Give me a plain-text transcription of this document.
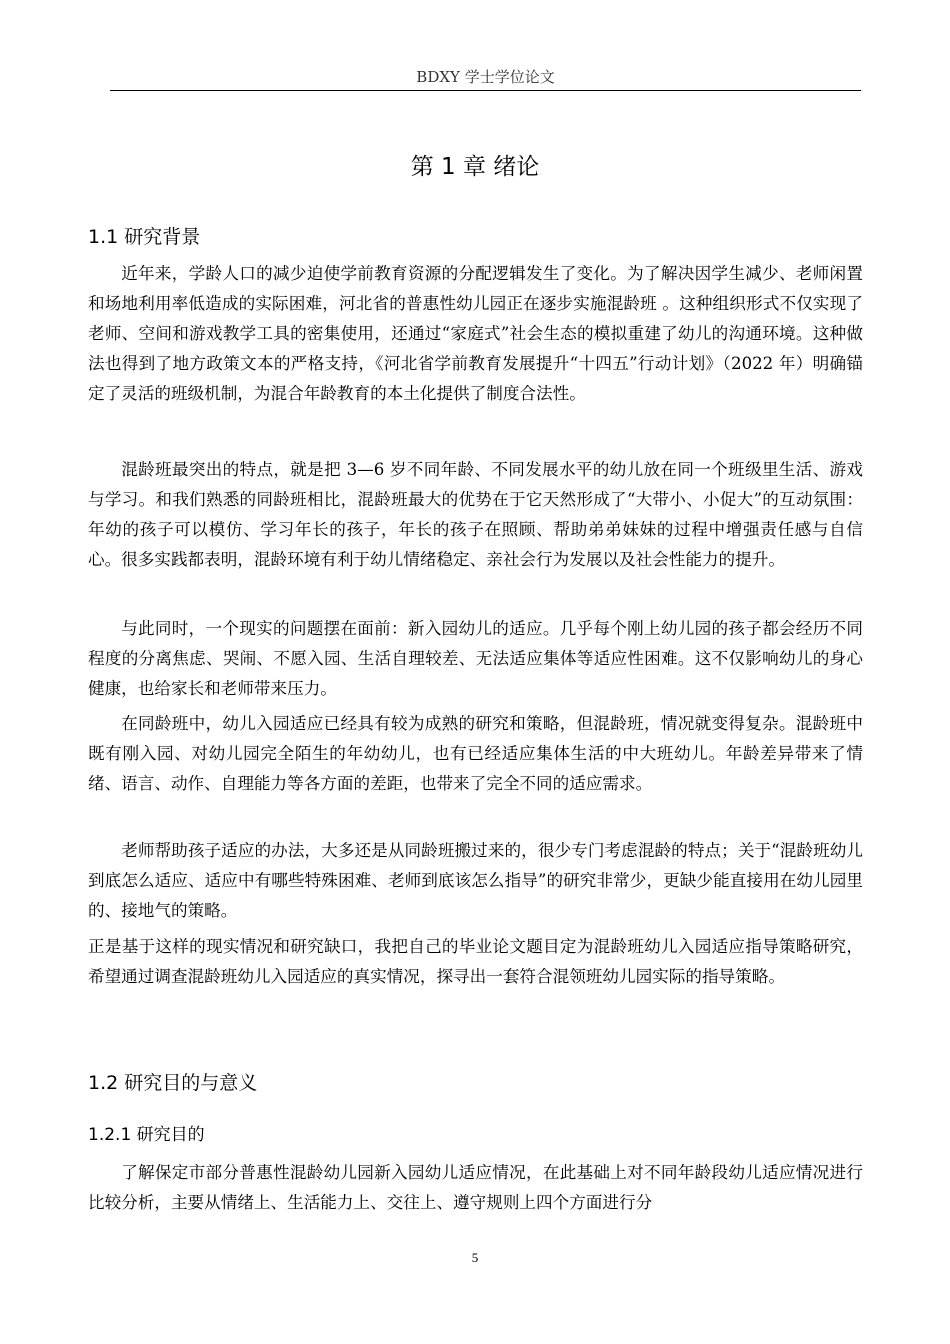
BDXY 学士学位论文
第 1 章 绪论
1.1 研究背景

近年来，学龄人口的减少迫使学前教育资源的分配逻辑发生了变化。为了解决因学生减少、老师闲置和场地利用率低造成的实际困难，河北省的普惠性幼儿园正在逐步实施混龄班 。这种组织形式不仅实现了老师、空间和游戏教学工具的密集使用，还通过“家庭式”社会生态的模拟重建了幼儿的沟通环境。这种做法也得到了地方政策文本的严格支持，《河北省学前教育发展提升“十四五”行动计划》（2022 年）明确锚定了灵活的班级机制，为混合年龄教育的本土化提供了制度合法性。

混龄班最突出的特点，就是把 3—6 岁不同年龄、不同发展水平的幼儿放在同一个班级里生活、游戏与学习。和我们熟悉的同龄班相比，混龄班最大的优势在于它天然形成了“大带小、小促大”的互动氛围：年幼的孩子可以模仿、学习年长的孩子，年长的孩子在照顾、帮助弟弟妹妹的过程中增强责任感与自信心。很多实践都表明，混龄环境有利于幼儿情绪稳定、亲社会行为发展以及社会性能力的提升。

与此同时，一个现实的问题摆在面前：新入园幼儿的适应。几乎每个刚上幼儿园的孩子都会经历不同程度的分离焦虑、哭闹、不愿入园、生活自理较差、无法适应集体等适应性困难。这不仅影响幼儿的身心健康，也给家长和老师带来压力。

在同龄班中，幼儿入园适应已经具有较为成熟的研究和策略，但混龄班，情况就变得复杂。混龄班中既有刚入园、对幼儿园完全陌生的年幼幼儿，也有已经适应集体生活的中大班幼儿。年龄差异带来了情绪、语言、动作、自理能力等各方面的差距，也带来了完全不同的适应需求。

老师帮助孩子适应的办法，大多还是从同龄班搬过来的，很少专门考虑混龄的特点；关于“混龄班幼儿到底怎么适应、适应中有哪些特殊困难、老师到底该怎么指导”的研究非常少，更缺少能直接用在幼儿园里的、接地气的策略。

正是基于这样的现实情况和研究缺口，我把自己的毕业论文题目定为混龄班幼儿入园适应指导策略研究，希望通过调查混龄班幼儿入园适应的真实情况，探寻出一套符合混领班幼儿园实际的指导策略。

1.2 研究目的与意义
1.2.1 研究目的

了解保定市部分普惠性混龄幼儿园新入园幼儿适应情况，在此基础上对不同年龄段幼儿适应情况进行比较分析，主要从情绪上、生活能力上、交往上、遵守规则上四个方面进行分

5
